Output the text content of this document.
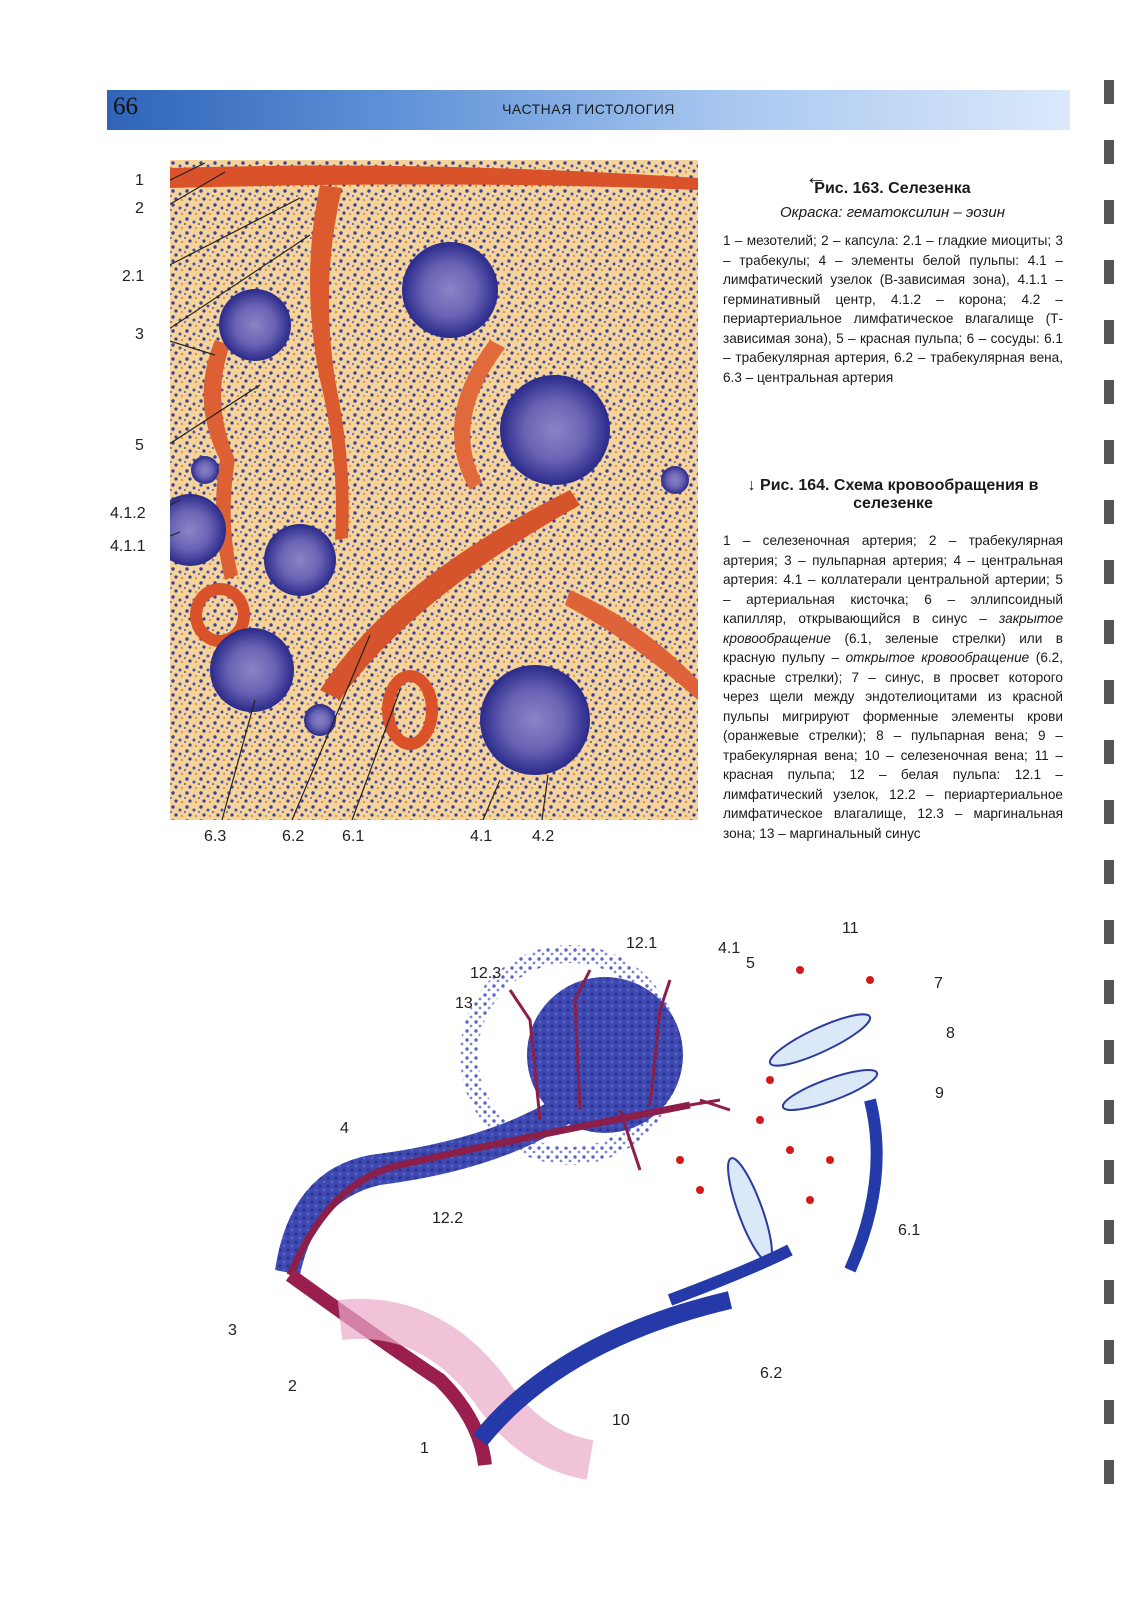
66	ЧАСТНАЯ ГИСТОЛОГИЯ
1
2
2.1
3
5
4.1.2
4.1.1
6.3	6.2 6.1	4.1 4.2
←
Рис. 163. Селезенка
Окраска: гематоксилин – эозин
1 – мезотелий; 2 – капсула: 2.1 – гладкие миоциты; 3 – трабекулы; 4 – элементы белой пульпы: 4.1 – лимфатический узелок (В-зависимая зона), 4.1.1 – герминативный центр, 4.1.2 – корона; 4.2 – периартериальное лимфатическое влагалище (Т-зависимая зона), 5 – красная пульпа; 6 – сосуды: 6.1 – трабекулярная артерия, 6.2 – трабекулярная вена, 6.3 – центральная артерия
↓ Рис. 164. Схема кровообращения в селезенке
1 – селезеночная артерия; 2 – трабекулярная артерия; 3 – пульпарная артерия; 4 – центральная артерия: 4.1 – коллатерали центральной артерии; 5 – артериальная кисточка; 6 – эллипсоидный капилляр, открывающийся в синус – закрытое кровообращение (6.1, зеленые стрелки) или в красную пульпу – открытое кровообращение (6.2, красные стрелки); 7 – синус, в просвет которого через щели между эндотелиоцитами из красной пульпы мигрируют форменные элементы крови (оранжевые стрелки); 8 – пульпарная вена; 9 – трабекулярная вена; 10 – селезеночная вена; 11 – красная пульпа; 12 – белая пульпа: 12.1 – лимфатический узелок, 12.2 – периартериальное лимфатическое влагалище, 12.3 – маргинальная зона; 13 – маргинальный синус
12.1	4.1
5
11
12.3
13
7
8
9
4
12.2
6.1
3
2
6.2
10
1
